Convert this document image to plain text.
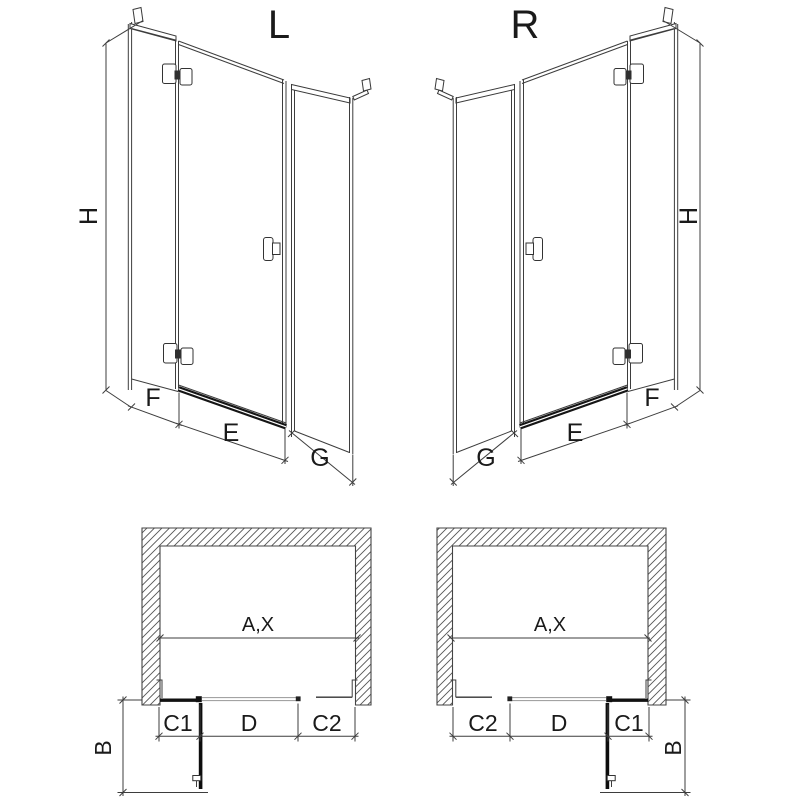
L
H
F
E
G
R
H
G
E
F
A,X
C1 D C2
B
A,X
C2 D C1
B
